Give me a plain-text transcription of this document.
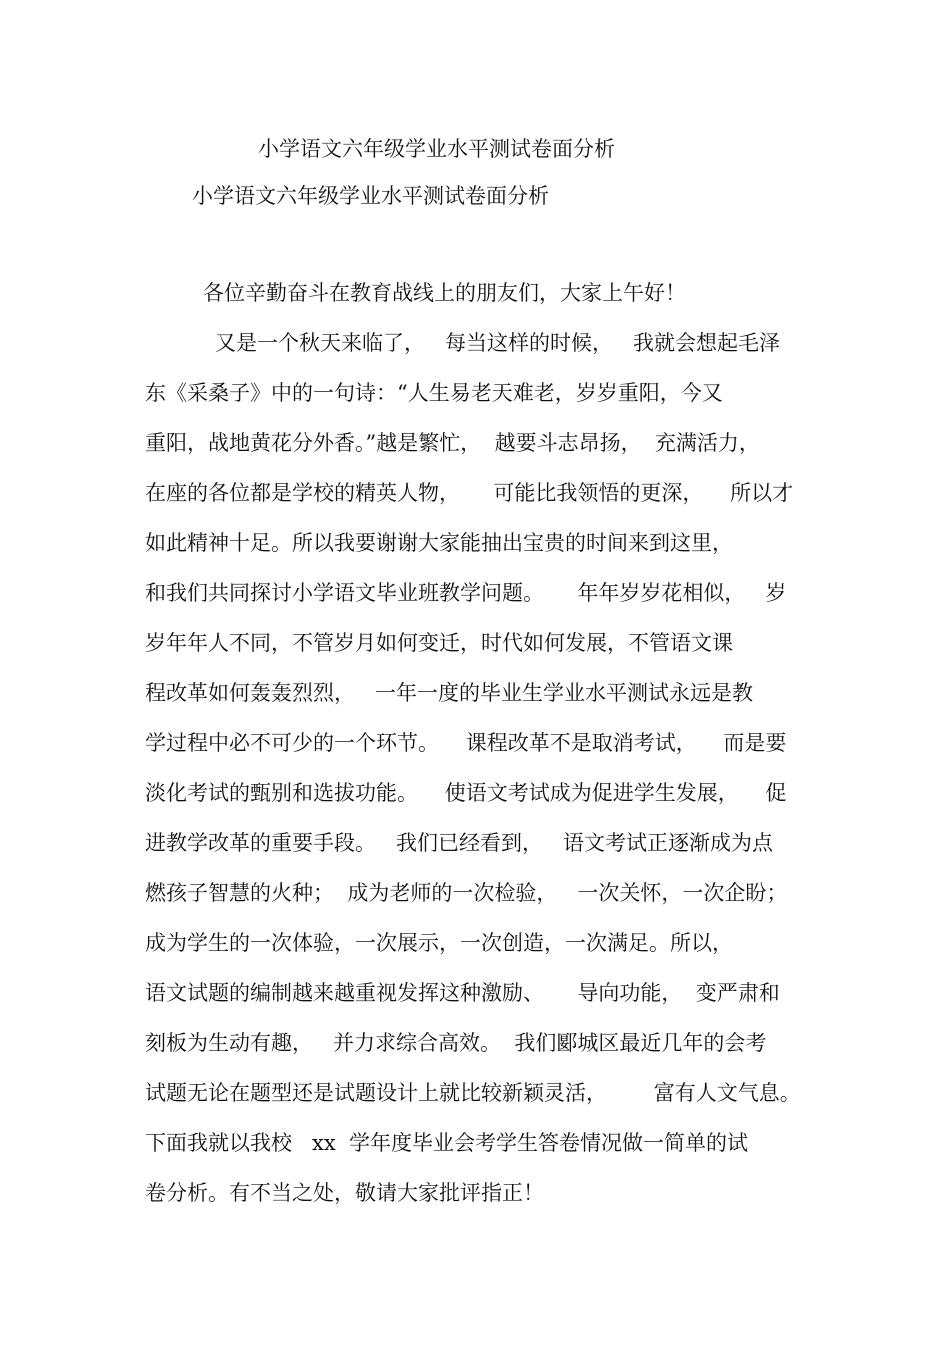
小学语文六年级学业水平测试卷面分析
小学语文六年级学业水平测试卷面分析
各位辛勤奋斗在教育战线上的朋友们，大家上午好！
又是一个秋天来临了，   每当这样的时候，   我就会想起毛泽
东《采桑子》中的一句诗：“人生易老天难老，岁岁重阳，今又
重阳，战地黄花分外香。”越是繁忙，  越要斗志昂扬，  充满活力，
在座的各位都是学校的精英人物，     可能比我领悟的更深，    所以才
如此精神十足。所以我要谢谢大家能抽出宝贵的时间来到这里，
和我们共同探讨小学语文毕业班教学问题。     年年岁岁花相似，   岁
岁年年人不同，不管岁月如何变迁，时代如何发展，不管语文课
程改革如何轰轰烈烈，   一年一度的毕业生学业水平测试永远是教
学过程中必不可少的一个环节。    课程改革不是取消考试，    而是要
淡化考试的甄别和选拔功能。    使语文考试成为促进学生发展，    促
进教学改革的重要手段。   我们已经看到，   语文考试正逐渐成为点
燃孩子智慧的火种；  成为老师的一次检验，   一次关怀，一次企盼；
成为学生的一次体验，一次展示，一次创造，一次满足。所以，
语文试题的编制越来越重视发挥这种激励、     导向功能，  变严肃和
刻板为生动有趣，   并力求综合高效。  我们郾城区最近几年的会考
试题无论在题型还是试题设计上就比较新颖灵活，       富有人文气息。
下面我就以我校   xx  学年度毕业会考学生答卷情况做一简单的试
卷分析。有不当之处，敬请大家批评指正！
